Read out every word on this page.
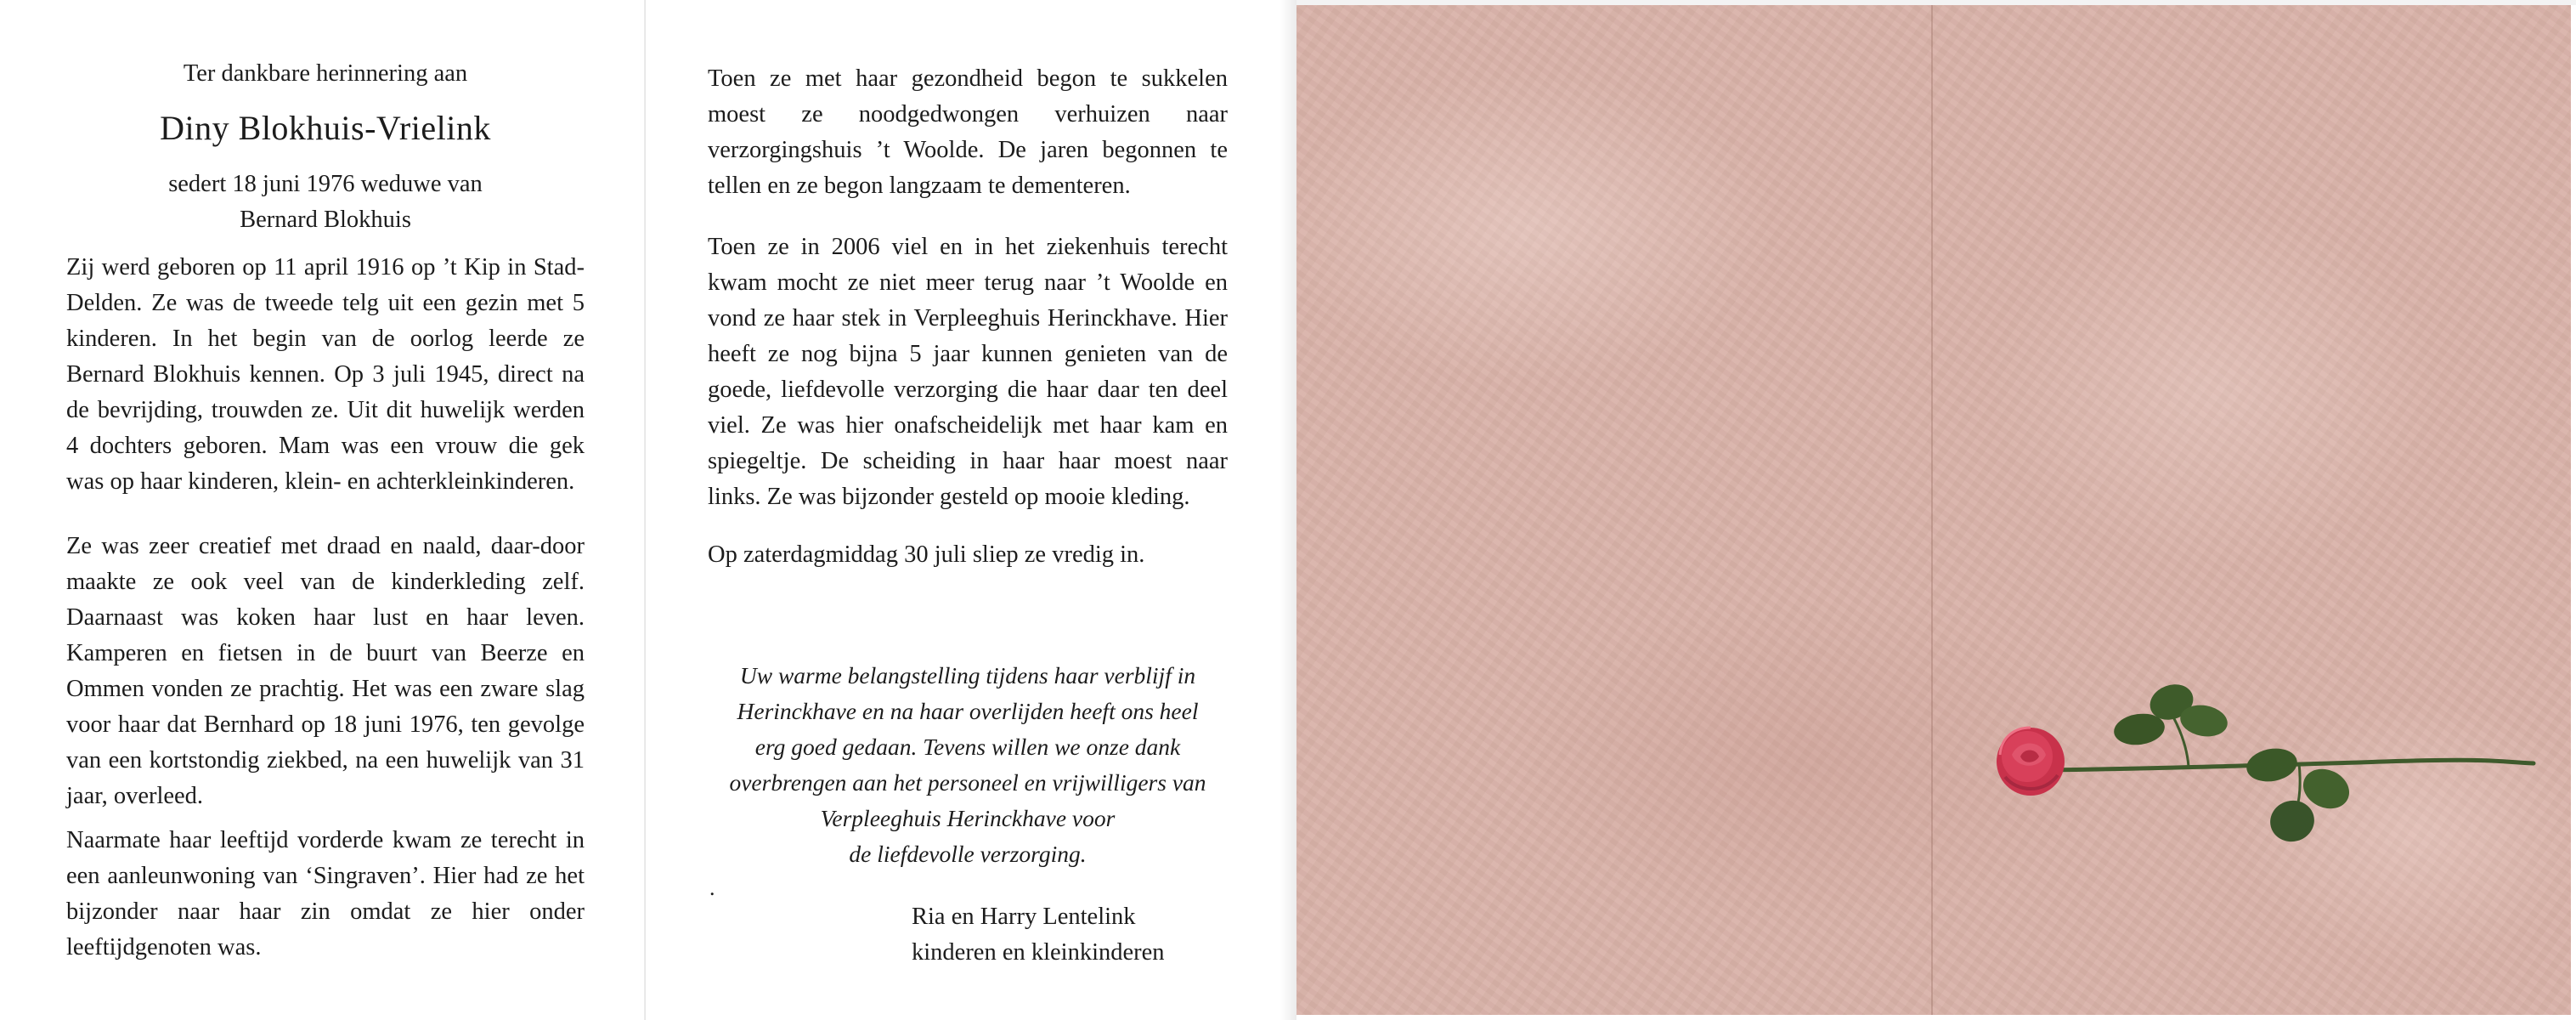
Ter dankbare herinnering aan

Diny Blokhuis-Vrielink

sedert 18 juni 1976 weduwe van

Bernard Blokhuis

Zij werd geboren op 11 april 1916 op ’t Kip in Stad-Delden. Ze was de tweede telg uit een gezin met 5 kinderen. In het begin van de oorlog leerde ze Bernard Blokhuis kennen. Op 3 juli 1945, direct na de bevrijding, trouwden ze. Uit dit huwelijk werden 4 dochters geboren. Mam was een vrouw die gek was op haar kinderen, klein- en achterkleinkinderen.

Ze was zeer creatief met draad en naald, daar-door maakte ze ook veel van de kinderkleding zelf. Daarnaast was koken haar lust en haar leven. Kamperen en fietsen in de buurt van Beerze en Ommen vonden ze prachtig. Het was een zware slag voor haar dat Bernhard op 18 juni 1976, ten gevolge van een kortstondig ziekbed, na een huwelijk van 31 jaar, overleed.

Naarmate haar leeftijd vorderde kwam ze terecht in een aanleunwoning van ‘Singraven’. Hier had ze het bijzonder naar haar zin omdat ze hier onder leeftijdgenoten was.

Toen ze met haar gezondheid begon te sukkelen moest ze noodgedwongen verhuizen naar verzorgingshuis ’t Woolde. De jaren begonnen te tellen en ze begon langzaam te dementeren.

Toen ze in 2006 viel en in het ziekenhuis terecht kwam mocht ze niet meer terug naar ’t Woolde en vond ze haar stek in Verpleeghuis Herinckhave. Hier heeft ze nog bijna 5 jaar kunnen genieten van de goede, liefdevolle verzorging die haar daar ten deel viel. Ze was hier onafscheidelijk met haar kam en spiegeltje. De scheiding in haar haar moest naar links. Ze was bijzonder gesteld op mooie kleding.

Op zaterdagmiddag 30 juli sliep ze vredig in.

Uw warme belangstelling tijdens haar verblijf in
Herinckhave en na haar overlijden heeft ons heel
erg goed gedaan. Tevens willen we onze dank
overbrengen aan het personeel en vrijwilligers van
Verpleeghuis Herinckhave voor
de liefdevolle verzorging.
.
Ria en Harry Lentelink
kinderen en kleinkinderen
